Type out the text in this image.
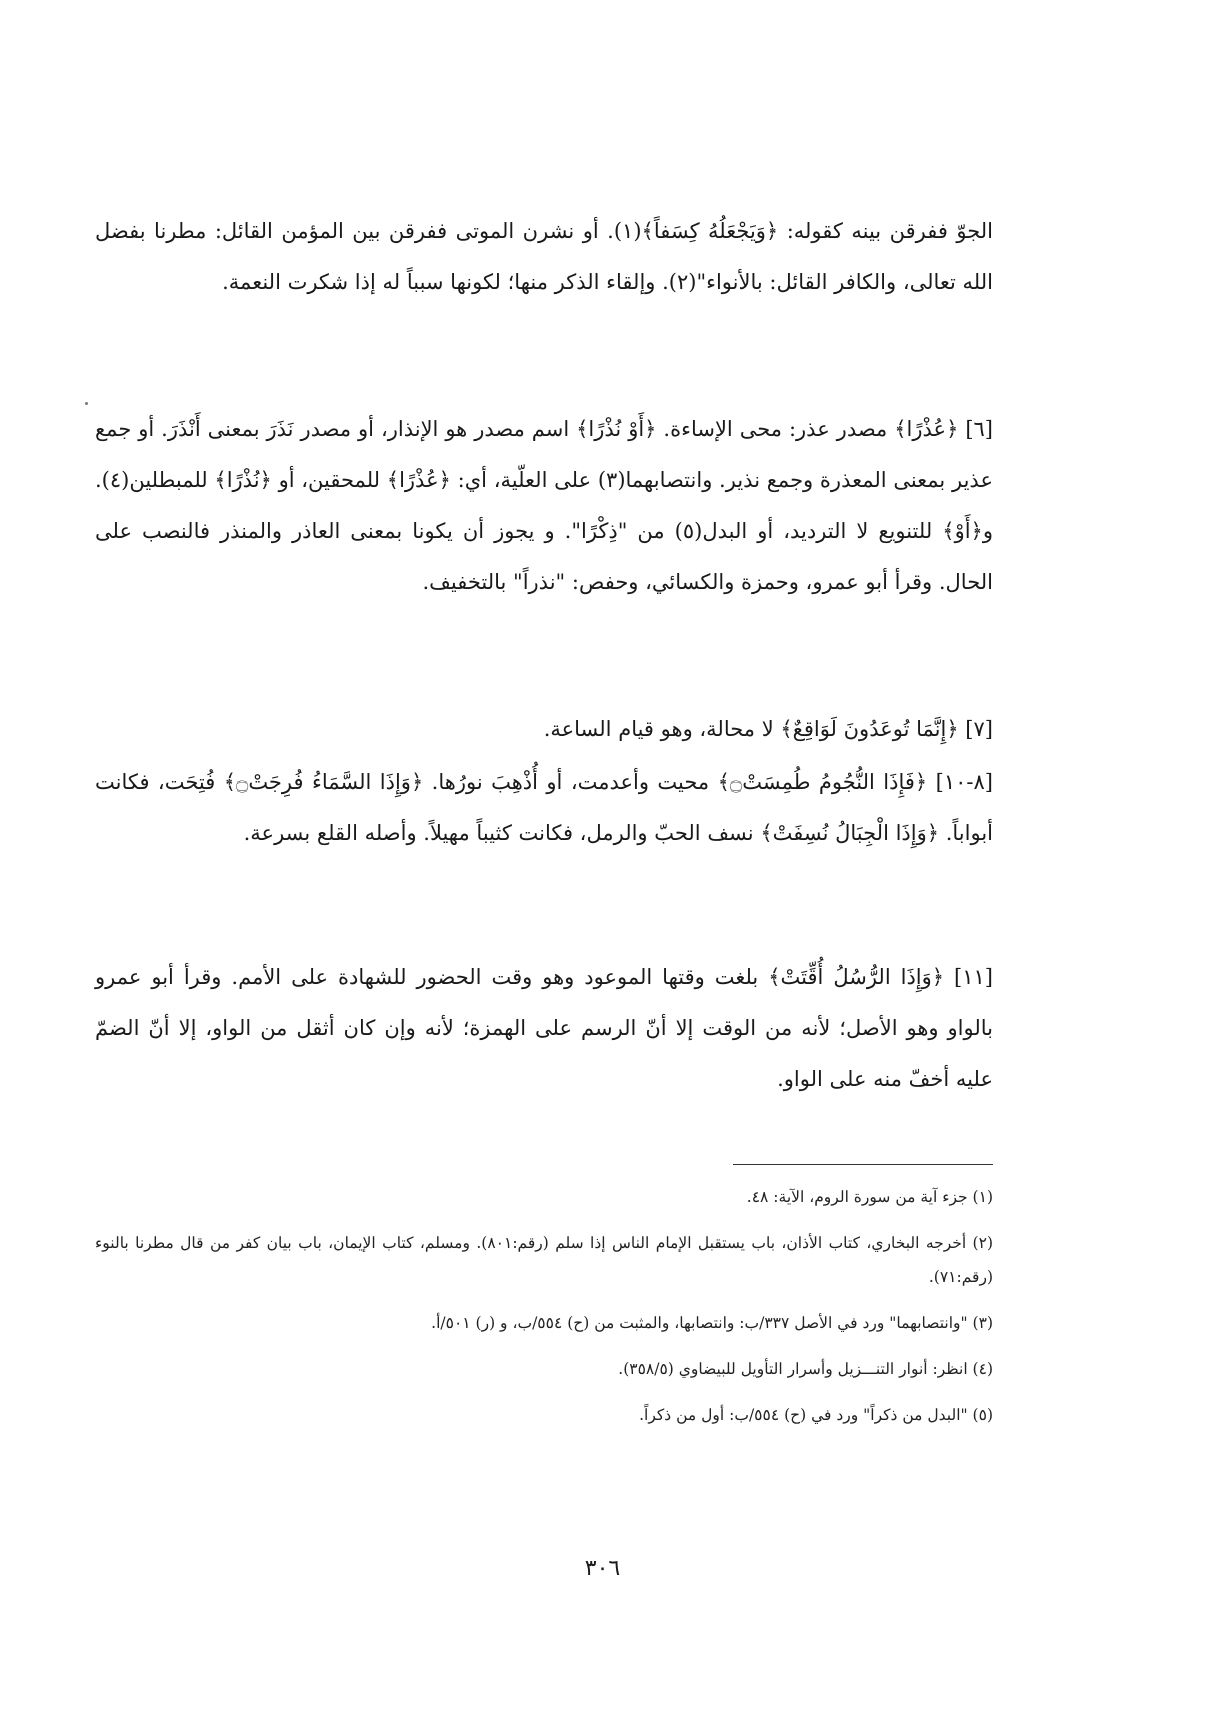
الجوّ ففرقن بينه كقوله: ﴿وَيَجْعَلُهُ كِسَفاً﴾(١). أو نشرن الموتى ففرقن بين المؤمن القائل: مطرنا بفضل الله تعالى، والكافر القائل: بالأنواء"(٢). وإلقاء الذكر منها؛ لكونها سبباً له إذا شكرت النعمة.

[٦] ﴿عُذْرًا﴾ مصدر عذر: محى الإساءة. ﴿أَوْ نُذْرًا﴾ اسم مصدر هو الإنذار، أو مصدر نَذَرَ بمعنى أَنْذَرَ. أو جمع عذير بمعنى المعذرة وجمع نذير. وانتصابهما(٣) على العلّية، أي: ﴿عُذْرًا﴾ للمحقين، أو ﴿نُذْرًا﴾ للمبطلين(٤). و﴿أَوْ﴾ للتنويع لا الترديد، أو البدل(٥) من "ذِكْرًا". و يجوز أن يكونا بمعنى العاذر والمنذر فالنصب على الحال. وقرأ أبو عمرو، وحمزة والكسائي، وحفص: "نذراً" بالتخفيف.

[٧] ﴿إِنَّمَا تُوعَدُونَ لَوَاقِعٌ﴾ لا محالة، وهو قيام الساعة.

[٨-١٠] ﴿فَإِذَا النُّجُومُ طُمِسَتْ۝﴾ محيت وأعدمت، أو أُذْهِبَ نورُها. ﴿وَإِذَا السَّمَاءُ فُرِجَتْ۝﴾ فُتِحَت، فكانت أبواباً. ﴿وَإِذَا الْجِبَالُ نُسِفَتْ﴾ نسف الحبّ والرمل، فكانت كثيباً مهيلاً. وأصله القلع بسرعة.

[١١] ﴿وَإِذَا الرُّسُلُ أُقِّتَتْ﴾ بلغت وقتها الموعود وهو وقت الحضور للشهادة على الأمم. وقرأ أبو عمرو بالواو وهو الأصل؛ لأنه من الوقت إلا أنّ الرسم على الهمزة؛ لأنه وإن كان أثقل من الواو، إلا أنّ الضمّ عليه أخفّ منه على الواو.

(١) جزء آية من سورة الروم، الآية: ٤٨.

(٢) أخرجه البخاري، كتاب الأذان، باب يستقبل الإمام الناس إذا سلم (رقم:٨٠١). ومسلم، كتاب الإيمان، باب بيان كفر من قال مطرنا بالنوء (رقم:٧١).

(٣) "وانتصابهما" ورد في الأصل ٣٣٧/ب: وانتصابها، والمثبت من (ح) ٥٥٤/ب، و (ر) ٥٠١/أ.

(٤) انظر: أنوار التنـــزيل وأسرار التأويل للبيضاوي (٣٥٨/٥).

(٥) "البدل من ذكراً" ورد في (ح) ٥٥٤/ب: أول من ذكراً.

٣٠٦
